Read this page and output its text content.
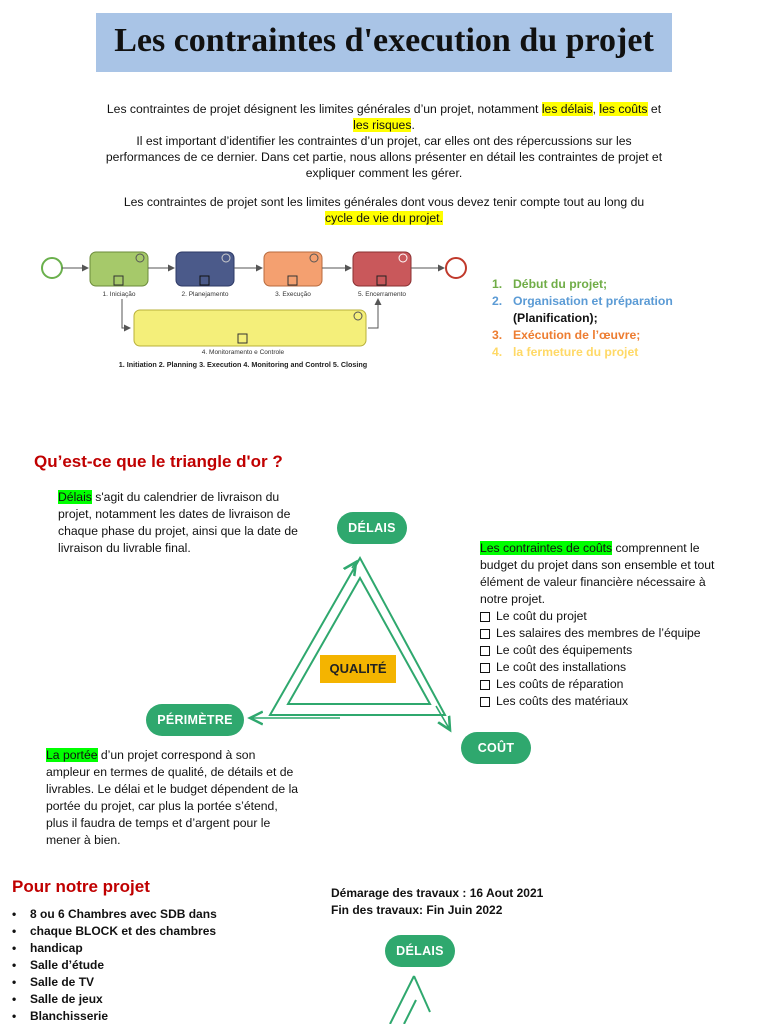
Les contraintes d'execution du projet
Les contraintes de projet désignent les limites générales d’un projet, notamment les délais, les coûts et
les risques.
Il est important d’identifier les contraintes d’un projet, car elles ont des répercussions sur les
performances de ce dernier. Dans cet partie, nous allons présenter en détail les contraintes de projet et
expliquer comment les gérer.
Les contraintes de projet sont les limites générales dont vous devez tenir compte tout au long du
cycle de vie du projet.
1. Iniciação	2. Planejamento	3. Execução	5. Encerramento
4. Monitoramento e Controle
1. Initiation 2. Planning 3. Execution 4. Monitoring and Control 5. Closing
1. Début du projet;
2. Organisation et préparation
(Planification);
3. Exécution de l’œuvre;
4. la fermeture du projet
Qu’est-ce que le triangle d'or ?
Délais s'agit du calendrier de livraison du
projet, notamment les dates de livraison de
chaque phase du projet, ainsi que la date de
livraison du livrable final.	Les contraintes de coûts comprennent le
budget du projet dans son ensemble et tout
élément de valeur financière nécessaire à
notre projet.
Le coût du projet
Les salaires des membres de l’équipe
Le coût des équipements
Le coût des installations
Les coûts de réparation
Les coûts des matériaux
DÉLAIS
PÉRIMÈTRE
COÛT
QUALITÉ
La portée d’un projet correspond à son
ampleur en termes de qualité, de détails et de
livrables. Le délai et le budget dépendent de la
portée du projet, car plus la portée s’étend,
plus il faudra de temps et d’argent pour le
mener à bien.
Pour notre projet
• 8 ou 6 Chambres avec SDB dans
• chaque BLOCK et des chambres
• handicap
• Salle d’étude
• Salle de TV
• Salle de jeux
• Blanchisserie
Démarage des travaux : 16 Aout 2021
Fin des travaux: Fin Juin 2022
DÉLAIS
